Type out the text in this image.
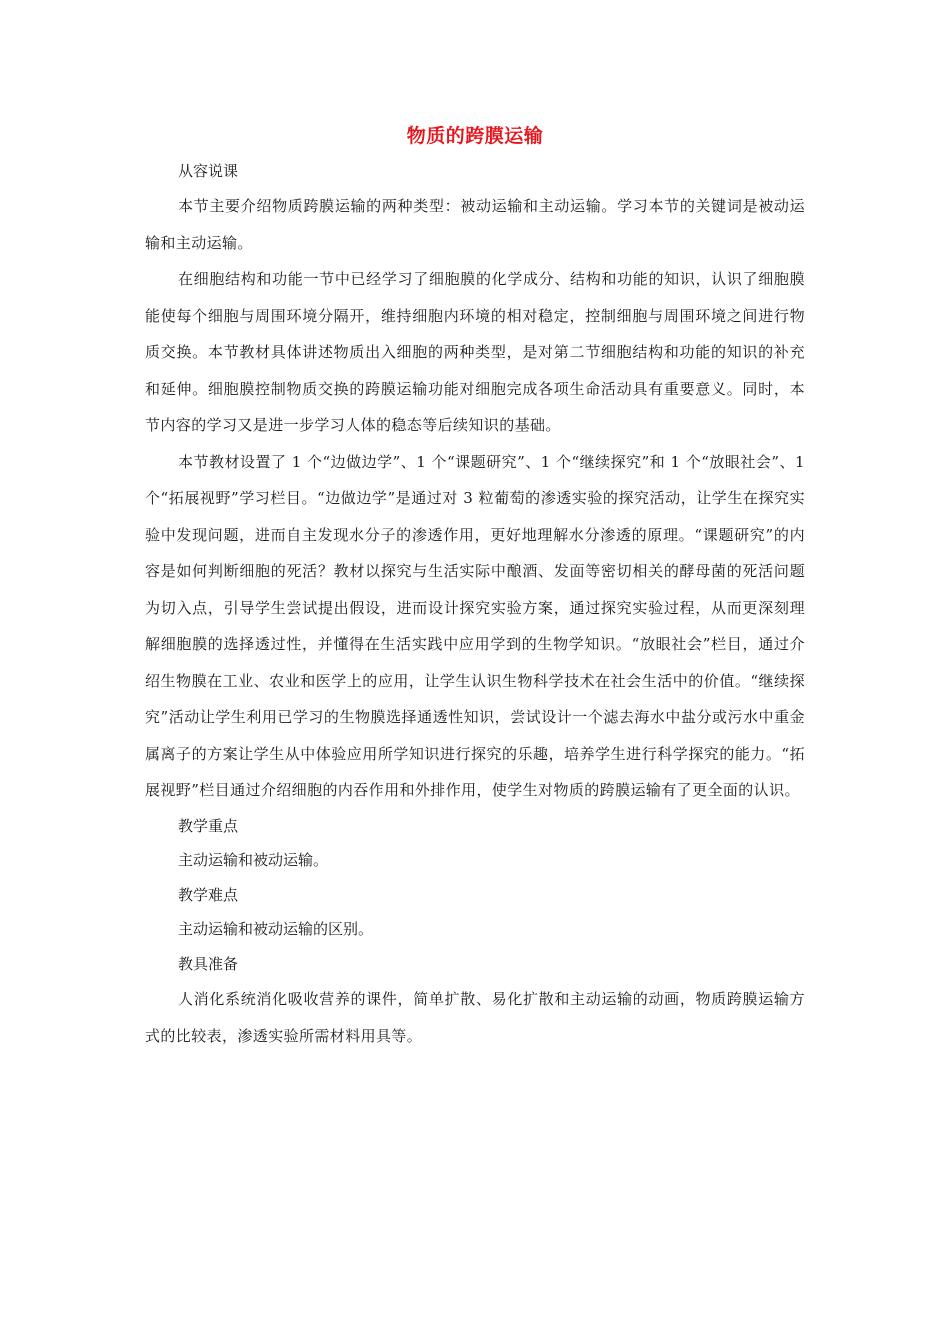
物质的跨膜运输

从容说课

本节主要介绍物质跨膜运输的两种类型：被动运输和主动运输。学习本节的关键词是被动运输和主动运输。

在细胞结构和功能一节中已经学习了细胞膜的化学成分、结构和功能的知识，认识了细胞膜能使每个细胞与周围环境分隔开，维持细胞内环境的相对稳定，控制细胞与周围环境之间进行物质交换。本节教材具体讲述物质出入细胞的两种类型，是对第二节细胞结构和功能的知识的补充和延伸。细胞膜控制物质交换的跨膜运输功能对细胞完成各项生命活动具有重要意义。同时，本节内容的学习又是进一步学习人体的稳态等后续知识的基础。

本节教材设置了 1 个“边做边学”、1 个“课题研究”、1 个“继续探究”和 1 个“放眼社会”、1 个“拓展视野”学习栏目。“边做边学”是通过对 3 粒葡萄的渗透实验的探究活动，让学生在探究实验中发现问题，进而自主发现水分子的渗透作用，更好地理解水分渗透的原理。“课题研究”的内容是如何判断细胞的死活？教材以探究与生活实际中酿酒、发面等密切相关的酵母菌的死活问题为切入点，引导学生尝试提出假设，进而设计探究实验方案，通过探究实验过程，从而更深刻理解细胞膜的选择透过性，并懂得在生活实践中应用学到的生物学知识。“放眼社会”栏目，通过介绍生物膜在工业、农业和医学上的应用，让学生认识生物科学技术在社会生活中的价值。“继续探究”活动让学生利用已学习的生物膜选择通透性知识，尝试设计一个滤去海水中盐分或污水中重金属离子的方案让学生从中体验应用所学知识进行探究的乐趣，培养学生进行科学探究的能力。“拓展视野”栏目通过介绍细胞的内吞作用和外排作用，使学生对物质的跨膜运输有了更全面的认识。

教学重点

主动运输和被动运输。

教学难点

主动运输和被动运输的区别。

教具准备

人消化系统消化吸收营养的课件，简单扩散、易化扩散和主动运输的动画，物质跨膜运输方式的比较表，渗透实验所需材料用具等。
